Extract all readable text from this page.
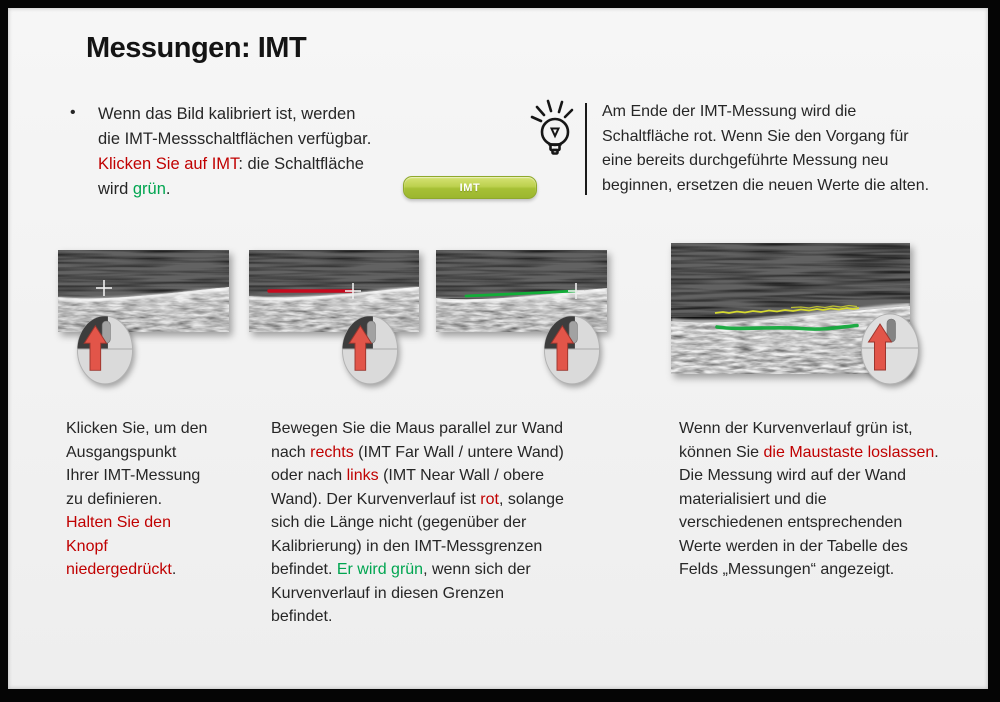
Messungen: IMT
• Wenn das Bild kalibriert ist, werden
die IMT-Messschaltflächen verfügbar.
Klicken Sie auf IMT: die Schaltfläche
wird grün.	IMT
Am Ende der IMT-Messung wird die
Schaltfläche rot. Wenn Sie den Vorgang für
eine bereits durchgeführte Messung neu
beginnen, ersetzen die neuen Werte die alten.
Klicken Sie, um den
Ausgangspunkt
Ihrer IMT-Messung
zu definieren.
Halten Sie den
Knopf
niedergedrückt.
Bewegen Sie die Maus parallel zur Wand
nach rechts (IMT Far Wall / untere Wand)
oder nach links (IMT Near Wall / obere
Wand). Der Kurvenverlauf ist rot, solange
sich die Länge nicht (gegenüber der
Kalibrierung) in den IMT-Messgrenzen
befindet. Er wird grün, wenn sich der
Kurvenverlauf in diesen Grenzen
befindet.
Wenn der Kurvenverlauf grün ist,
können Sie die Maustaste loslassen.
Die Messung wird auf der Wand
materialisiert und die
verschiedenen entsprechenden
Werte werden in der Tabelle des
Felds „Messungen“ angezeigt.
